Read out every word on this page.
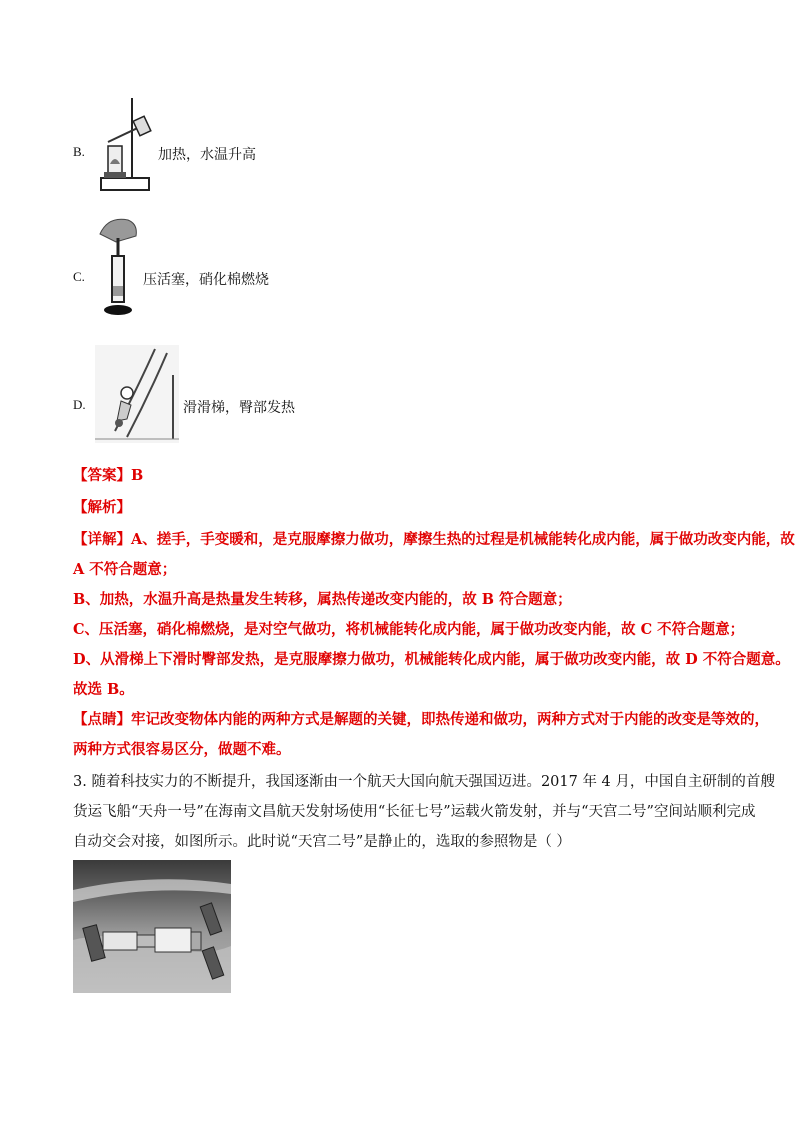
B.	加热，水温升高
C.	压活塞，硝化棉燃烧
D.	滑滑梯，臀部发热
【答案】B
【解析】
【详解】A、搓手，手变暖和，是克服摩擦力做功，摩擦生热的过程是机械能转化成内能，属于做功改变内能，故
A 不符合题意；
B、加热，水温升高是热量发生转移，属热传递改变内能的，故 B 符合题意；
C、压活塞，硝化棉燃烧，是对空气做功，将机械能转化成内能，属于做功改变内能，故 C 不符合题意；
D、从滑梯上下滑时臀部发热，是克服摩擦力做功，机械能转化成内能，属于做功改变内能，故 D 不符合题意。
故选 B。
【点睛】牢记改变物体内能的两种方式是解题的关键，即热传递和做功，两种方式对于内能的改变是等效的，
两种方式很容易区分，做题不难。
3. 随着科技实力的不断提升，我国逐渐由一个航天大国向航天强国迈进。2017 年 4 月，中国自主研制的首艘
货运飞船“天舟一号”在海南文昌航天发射场使用“长征七号”运载火箭发射，并与“天宫二号”空间站顺利完成
自动交会对接，如图所示。此时说“天宫二号”是静止的，选取的参照物是（ ）
